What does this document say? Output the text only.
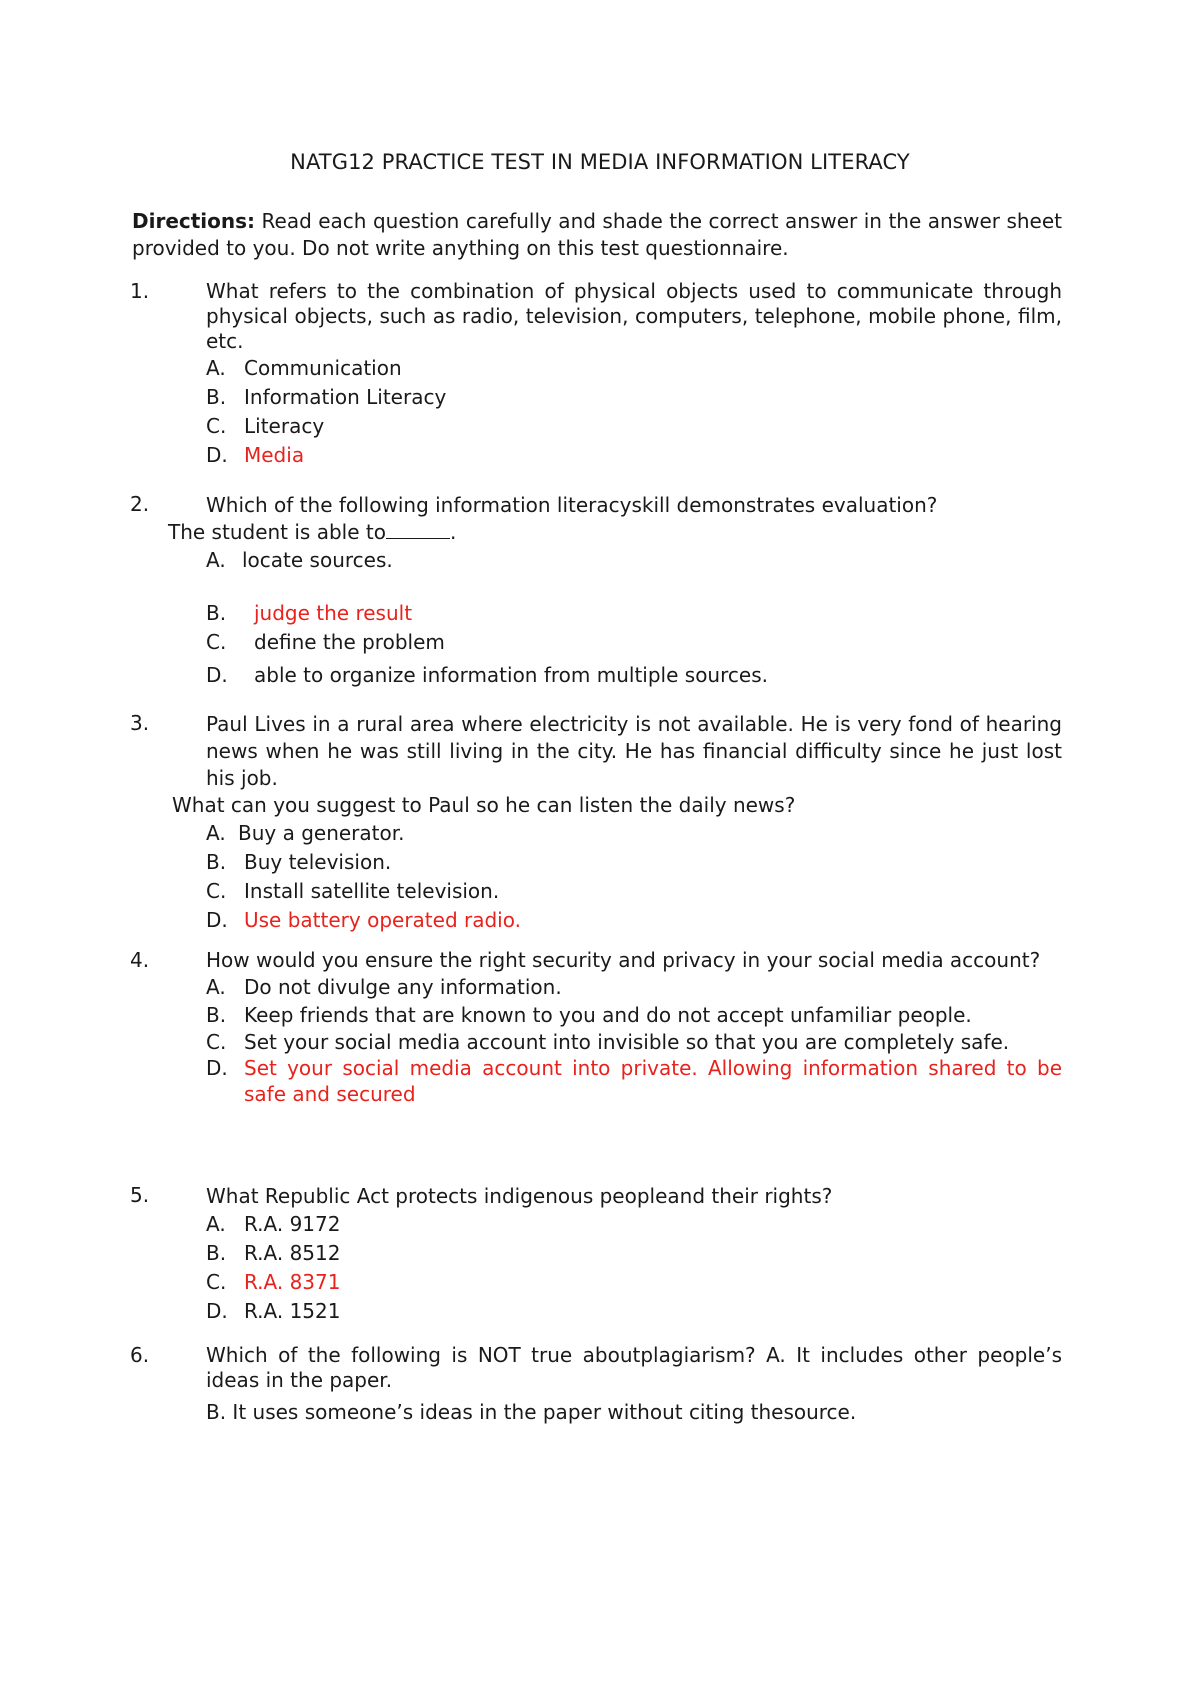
NATG12 PRACTICE TEST IN MEDIA INFORMATION LITERACY

Directions: Read each question carefully and shade the correct answer in the answer sheet provided to you. Do not write anything on this test questionnaire.

1.	What refers to the combination of physical objects used to communicate through physical objects, such as radio, television, computers, telephone, mobile phone, film, etc.
A. Communication
B. Information Literacy
C. Literacy
D. Media
2.	Which of the following information literacyskill demonstrates evaluation?
The student is able to	.
A. locate sources.
B.	judge the result
C.	define the problem
D.	able to organize information from multiple sources.
3.	Paul Lives in a rural area where electricity is not available. He is very fond of hearing news when he was still living in the city. He has financial difficulty since he just lost his job.
What can you suggest to Paul so he can listen the daily news?
A. Buy a generator.
B. Buy television.
C. Install satellite television.
D. Use battery operated radio.
4.	How would you ensure the right security and privacy in your social media account?
A. Do not divulge any information.
B. Keep friends that are known to you and do not accept unfamiliar people.
C. Set your social media account into invisible so that you are completely safe.
D. Set your social media account into private. Allowing information shared to be safe and secured
5.	What Republic Act protects indigenous peopleand their rights?
A. R.A. 9172
B. R.A. 8512
C. R.A. 8371
D. R.A. 1521
6.	Which of the following is NOT true aboutplagiarism? A. It includes other people’s ideas in the paper.
B. It uses someone’s ideas in the paper without citing thesource.
